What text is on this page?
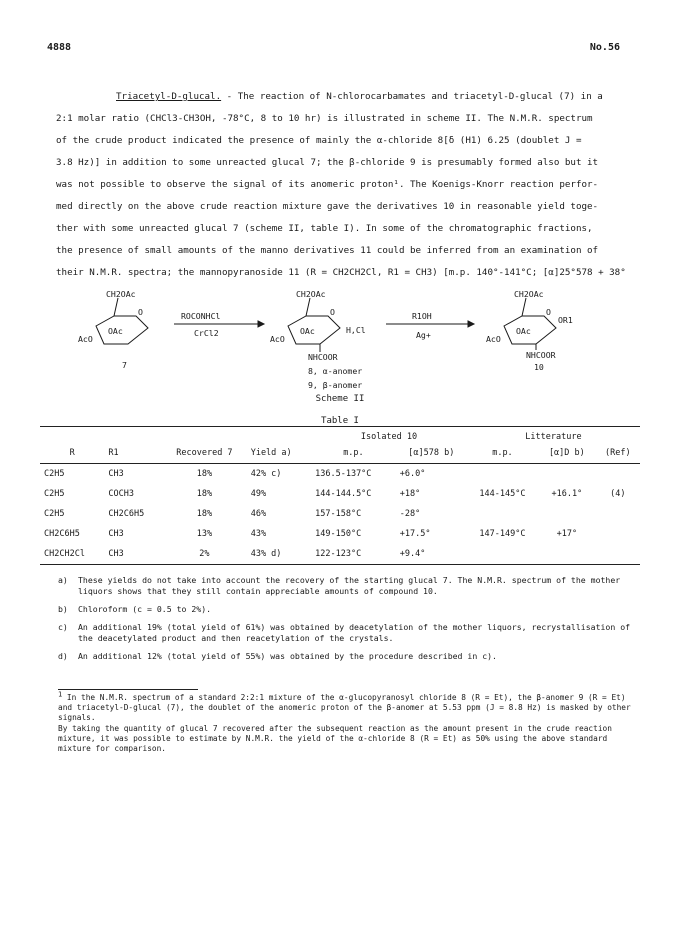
4888	No.56

Triacetyl-D-glucal. - The reaction of N-chlorocarbamates and triacetyl-D-glucal (7) in a

2:1 molar ratio (CHCl3-CH3OH, -78°C, 8 to 10 hr) is illustrated in scheme II. The N.M.R. spectrum

of the crude product indicated the presence of mainly the α-chloride 8[δ (H1) 6.25 (doublet J =

3.8 Hz)] in addition to some unreacted glucal 7; the β-chloride 9 is presumably formed also but it

was not possible to observe the signal of its anomeric proton¹. The Koenigs-Knorr reaction perfor-

med directly on the above crude reaction mixture gave the derivatives 10 in reasonable yield toge-

ther with some unreacted glucal 7 (scheme II, table I). In some of the chromatographic fractions,

the presence of small amounts of the manno derivatives 11 could be inferred from an examination of

their N.M.R. spectra; the mannopyranoside 11 (R = CH2CH2Cl, R1 = CH3) [m.p. 140°-141°C; [α]25°578 + 38°

CH2OAc
O
OAc
AcO
7
ROCONHCl
CrCl2
CH2OAc
O
OAc
AcO
H,Cl
NHCOOR
8, α-anomer
9, β-anomer
R1OH
Ag+
CH2OAc
O
OR1
OAc
AcO
NHCOOR
10
Scheme II
Table I

				Isolated 10		Litterature		
R	R1	Recovered 7	Yield a)	m.p.	[α]578 b)	m.p.	[α]D b)	(Ref)
C2H5	CH3	18%	42% c)	136.5-137°C	+6.0°			
C2H5	COCH3	18%	49%	144-144.5°C	+18°	144-145°C	+16.1°	(4)
C2H5	CH2C6H5	18%	46%	157-158°C	-28°			
CH2C6H5	CH3	13%	43%	149-150°C	+17.5°	147-149°C	+17°	
CH2CH2Cl	CH3	2%	43% d)	122-123°C	+9.4°			
a)	These yields do not take into account the recovery of the starting glucal 7. The N.M.R. spectrum of the mother liquors shows that they still contain appreciable amounts of compound 10.
b)	Chloroform (c = 0.5 to 2%).
c)	An additional 19% (total yield of 61%) was obtained by deacetylation of the mother liquors, recrystallisation of the deacetylated product and then reacetylation of the crystals.
d)	An additional 12% (total yield of 55%) was obtained by the procedure described in c).
$^1$ In the N.M.R. spectrum of a standard 2:2:1 mixture of the α-glucopyranosyl chloride 8 (R = Et), the β-anomer 9 (R = Et) and triacetyl-D-glucal (7), the doublet of the anomeric proton of the β-anomer at 5.53 ppm (J = 8.8 Hz) is masked by other signals.
By taking the quantity of glucal 7 recovered after the subsequent reaction as the amount present in the crude reaction mixture, it was possible to estimate by N.M.R. the yield of the α-chloride 8 (R = Et) as 50% using the above standard mixture for comparison.
